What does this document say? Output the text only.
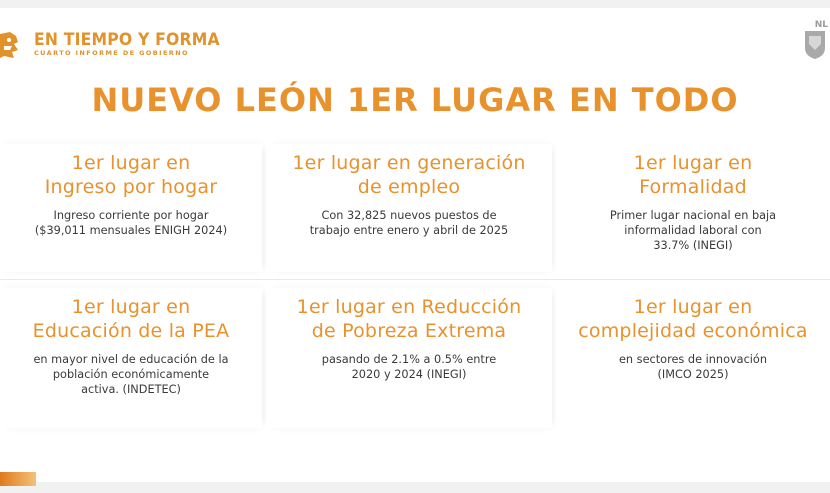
EN TIEMPO Y FORMA
CUARTO INFORME DE GOBIERNO
NL
NUEVO LEÓN 1ER LUGAR EN TODO
1er lugar en
Ingreso por hogar
Ingreso corriente por hogar
($39,011 mensuales ENIGH 2024)
1er lugar en generación
de empleo
Con 32,825 nuevos puestos de
trabajo entre enero y abril de 2025
1er lugar en
Formalidad
Primer lugar nacional en baja
informalidad laboral con
33.7% (INEGI)
1er lugar en
Educación de la PEA
en mayor nivel de educación de la
población económicamente
activa. (INDETEC)
1er lugar en Reducción
de Pobreza Extrema
pasando de 2.1% a 0.5% entre
2020 y 2024 (INEGI)
1er lugar en
complejidad económica
en sectores de innovación
(IMCO 2025)
